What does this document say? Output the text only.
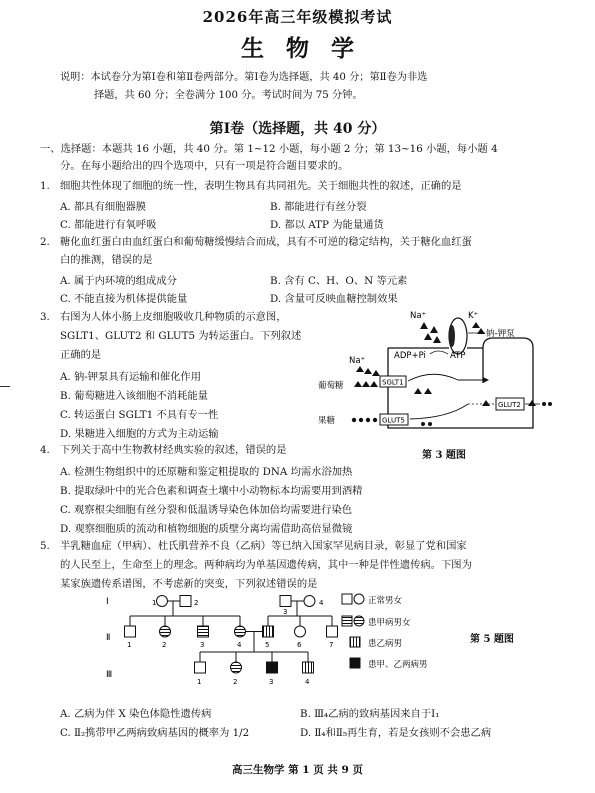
2026年高三年级模拟考试
生物学
说明：本试卷分为第Ⅰ卷和第Ⅱ卷两部分。第Ⅰ卷为选择题，共 40 分；第Ⅱ卷为非选
择题，共 60 分；全卷满分 100 分。考试时间为 75 分钟。
第Ⅰ卷（选择题，共 40 分）
一、选择题：本题共 16 小题，共 40 分。第 1~12 小题，每小题 2 分；第 13~16 小题，每小题 4
分。在每小题给出的四个选项中，只有一项是符合题目要求的。
1. 细胞共性体现了细胞的统一性，表明生物具有共同祖先。关于细胞共性的叙述，正确的是
A. 都具有细胞器膜	B. 都能进行有丝分裂
C. 都能进行有氧呼吸	D. 都以 ATP 为能量通货
2. 糖化血红蛋白由血红蛋白和葡萄糖缓慢结合而成，具有不可逆的稳定结构，关于糖化血红蛋
白的推测，错误的是
A. 属于内环境的组成成分	B. 含有 C、H、O、N 等元素
C. 不能直接为机体提供能量	D. 含量可反映血糖控制效果
3. 右图为人体小肠上皮细胞吸收几种物质的示意图，
SGLT1、GLUT2 和 GLUT5 为转运蛋白。下列叙述
正确的是
A. 钠-钾泵具有运输和催化作用
B. 葡萄糖进入该细胞不消耗能量
C. 转运蛋白 SGLT1 不具有专一性
D. 果糖进入细胞的方式为主动运输
Na⁺	K⁺
钠-钾泵
ADP+Pi	ATP
Na⁺
葡萄糖	SGLT1
GLUT2
果糖	GLUT5
第 3 题图
4. 下列关于高中生物教材经典实验的叙述，错误的是
A. 检测生物组织中的还原糖和鉴定粗提取的 DNA 均需水浴加热
B. 提取绿叶中的光合色素和调查土壤中小动物标本均需要用到酒精
C. 观察根尖细胞有丝分裂和低温诱导染色体加倍均需要进行染色
D. 观察细胞质的流动和植物细胞的质壁分离均需借助高倍显微镜
5. 半乳糖血症（甲病）、杜氏肌营养不良（乙病）等已纳入国家罕见病目录，彰显了党和国家
的人民至上，生命至上的理念。两种病均为单基因遗传病，其中一种是伴性遗传病。下图为
某家族遗传系谱图，不考虑新的突变，下列叙述错误的是
Ⅰ
Ⅱ
Ⅲ
1	2
3
4
1	2	3	4	5	6	7
1	2	3	4
正常男女
患甲病男女
患乙病男
患甲、乙两病男
第 5 题图
A. 乙病为伴 X 染色体隐性遗传病	B. Ⅲ₄乙病的致病基因来自于Ⅰ₁
C. Ⅱ₂携带甲乙两病致病基因的概率为 1/2	D. Ⅱ₄和Ⅱ₅再生育，若是女孩则不会患乙病
高三生物学 第 1 页 共 9 页
